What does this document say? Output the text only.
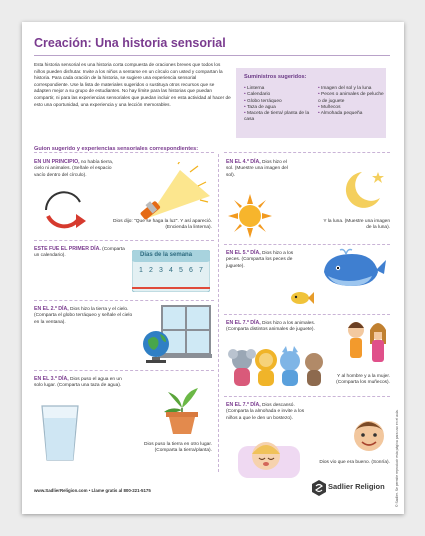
Creación: Una historia sensorial
Esta historia sensorial es una historia corta compuesta de oraciones breves que todos los niños pueden disfrutar. Invite a los niños a sentarse en un círculo con usted y compartan la historia. Para cada oración de la historia, se sugiere una experiencia sensorial correspondiente. Use la lista de materiales sugeridos o sustituya otros recursos que se adapten mejor a su grupo de estudiantes. No hay límite para las historias que puedan compartir, ni para las experiencias sensoriales que puedan incluir en esta actividad al hacer de esto una oportunidad, una experiencia y una lección memorables.
Suministros sugeridos:
• Linterna
• Calendario
• Globo terráqueo
• Taza de agua
• Maceta de tierra/ planta de la casa
• Imagen del sol y la luna
• Peces o animales de peluche o de juguete
• Muñecos
• Almohada pequeña
Guion sugerido y experiencias sensoriales correspondientes:
EN UN PRINCIPIO, no había tierra, cielo ni animales. (Señale el espacio vacío dentro del círculo).
Dios dijo: "Que se haga la luz". Y así apareció. (Encienda la linterna).
ESTE FUE EL PRIMER DÍA. (Comparta un calendario).	Días de la semana
1 2 3 4 5 6 7
EN EL 2.º DÍA, Dios hizo la tierra y el cielo. (Comparta el globo terráqueo y señale el cielo en la ventana).
EN EL 3.º DÍA, Dios puso el agua en un solo lugar. (Comparta una taza de agua).
Dios puso la tierra en otro lugar. (Comparta la tierra/planta).
EN EL 4.º DÍA, Dios hizo el sol. (Muestre una imagen del sol).
Y la luna. (Muestre una imagen de la luna).
EN EL 5.º DÍA, Dios hizo a los peces. (Comparta los peces de juguete).
EN EL 7.º DÍA, Dios hizo a los animales. (Comparta distintos animales de juguete).
Y al hombre y a la mujer. (Comparta los muñecos).
EN EL 7.º DÍA, Dios descansó. (Comparta la almohada e invite a los niños a que le den un bostezo).
Dios vio que era bueno. (Sonría).
www.SadlierReligion.com • Llame gratis al 800-221-5175	Sadlier Religion	© Sadlier. Se permite reproducir esta página para uso en el aula.
